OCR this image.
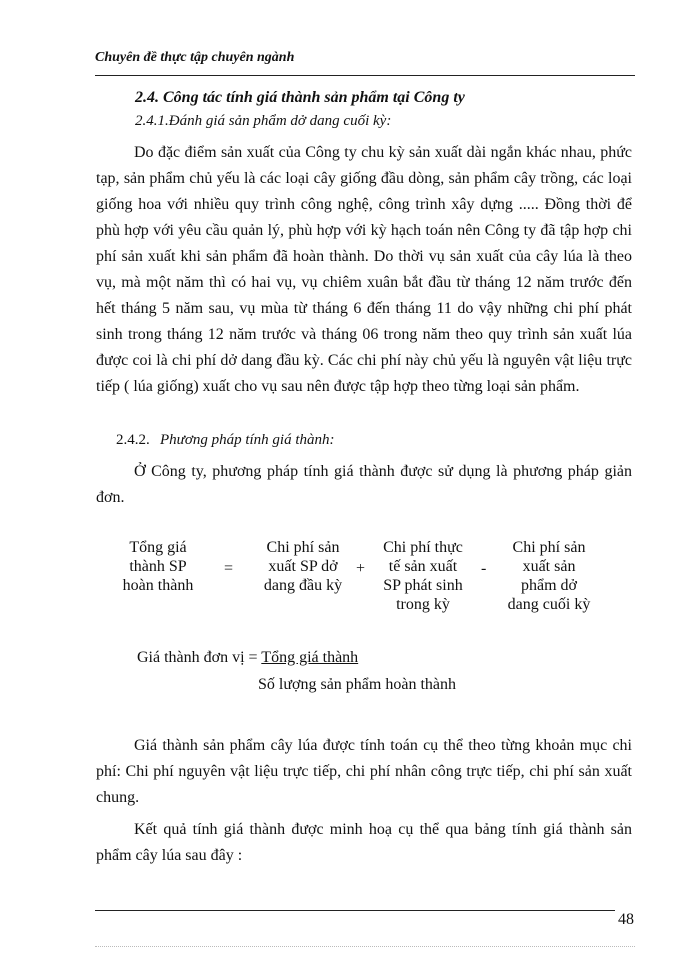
Chuyên đề thực tập chuyên ngành
2.4. Công tác tính giá thành sản phẩm tại Công ty
2.4.1.Đánh giá sản phẩm dở dang cuối kỳ:
Do đặc điểm sản xuất của Công ty chu kỳ sản xuất dài ngắn khác nhau, phức tạp, sản phẩm chủ yếu là các loại cây giống đầu dòng, sản phẩm cây trồng, các loại giống hoa với nhiều quy trình công nghệ, công trình xây dựng ..... Đồng thời để phù hợp với yêu cầu quản lý, phù hợp với kỳ hạch toán nên Công ty đã tập hợp chi phí sản xuất khi sản phẩm đã hoàn thành. Do thời vụ sản xuất của cây lúa là theo vụ, mà một năm thì có hai vụ, vụ chiêm xuân bắt đầu từ tháng 12 năm trước đến hết tháng 5 năm sau, vụ mùa từ tháng 6 đến tháng 11 do vậy những chi phí phát sinh trong tháng 12 năm trước và tháng 06 trong năm theo quy trình sản xuất lúa được coi là chi phí dở dang đầu kỳ. Các chi phí này chủ yếu là nguyên vật liệu trực tiếp ( lúa giống) xuất cho vụ sau nên được tập hợp theo từng loại sản phẩm.
2.4.2. Phương pháp tính giá thành:
Ở Công ty, phương pháp tính giá thành được sử dụng là phương pháp giản đơn.
Tổng giá
thành SP
hoàn thành
=
Chi phí sản
xuất SP dở
dang đầu kỳ
+
Chi phí thực
tế sản xuất
SP phát sinh
trong kỳ
-
Chi phí sản
xuất sản
phẩm dở
dang cuối kỳ
Giá thành đơn vị = Tổng giá thành
Số lượng sản phẩm hoàn thành
Giá thành sản phẩm cây lúa được tính toán cụ thể theo từng khoản mục chi phí: Chi phí nguyên vật liệu trực tiếp, chi phí nhân công trực tiếp, chi phí sản xuất chung.
Kết quả tính giá thành được minh hoạ cụ thể qua bảng tính giá thành sản phẩm cây lúa sau đây :
48
